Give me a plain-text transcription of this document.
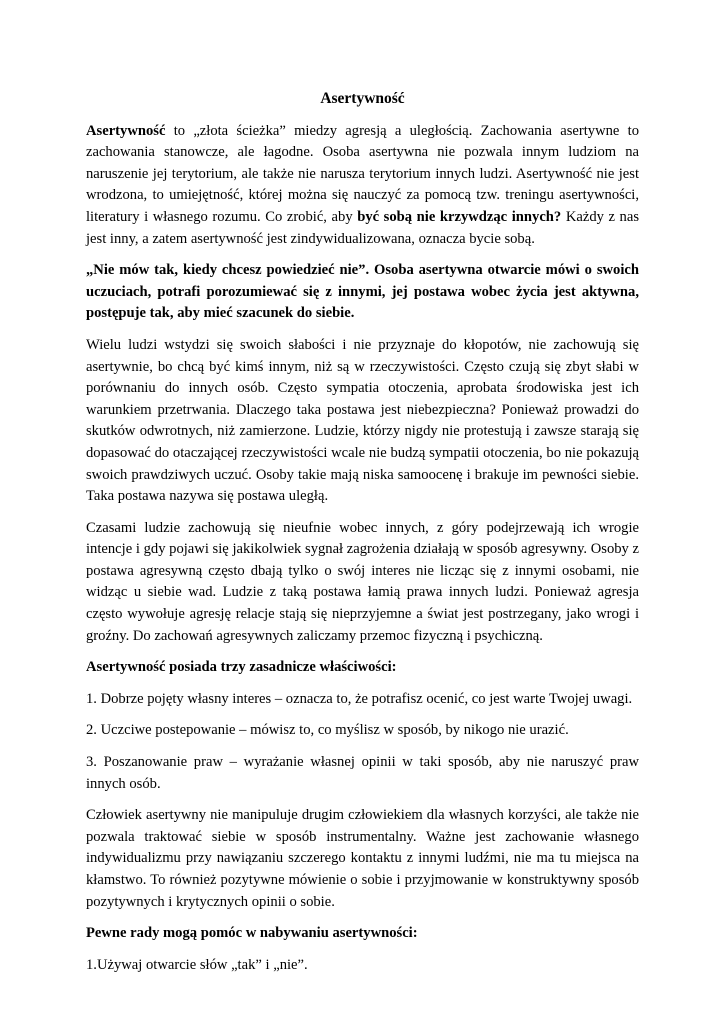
Asertywność

Asertywność to „złota ścieżka” miedzy agresją a uległością. Zachowania asertywne to zachowania stanowcze, ale łagodne. Osoba asertywna nie pozwala innym ludziom na naruszenie jej terytorium, ale także nie narusza terytorium innych ludzi. Asertywność nie jest wrodzona, to umiejętność, której można się nauczyć za pomocą tzw. treningu asertywności, literatury i własnego rozumu. Co zrobić, aby być sobą nie krzywdząc innych? Każdy z nas jest inny, a zatem asertywność jest zindywidualizowana, oznacza bycie sobą.

„Nie mów tak, kiedy chcesz powiedzieć nie”. Osoba asertywna otwarcie mówi o swoich uczuciach, potrafi porozumiewać się z innymi, jej postawa wobec życia jest aktywna, postępuje tak, aby mieć szacunek do siebie.

Wielu ludzi wstydzi się swoich słabości i nie przyznaje do kłopotów, nie zachowują się asertywnie, bo chcą być kimś innym, niż są w rzeczywistości. Często czują się zbyt słabi w porównaniu do innych osób. Często sympatia otoczenia, aprobata środowiska jest ich warunkiem przetrwania. Dlaczego taka postawa jest niebezpieczna? Ponieważ prowadzi do skutków odwrotnych, niż zamierzone. Ludzie, którzy nigdy nie protestują i zawsze starają się dopasować do otaczającej rzeczywistości wcale nie budzą sympatii otoczenia, bo nie pokazują swoich prawdziwych uczuć. Osoby takie mają niska samoocenę i brakuje im pewności siebie. Taka postawa nazywa się postawa uległą.

Czasami ludzie zachowują się nieufnie wobec innych, z góry podejrzewają ich wrogie intencje i gdy pojawi się jakikolwiek sygnał zagrożenia działają w sposób agresywny. Osoby z postawa agresywną często dbają tylko o swój interes nie licząc się z innymi osobami, nie widząc u siebie wad. Ludzie z taką postawa łamią prawa innych ludzi. Ponieważ agresja często wywołuje agresję relacje stają się nieprzyjemne a świat jest postrzegany, jako wrogi i groźny. Do zachowań agresywnych zaliczamy przemoc fizyczną i psychiczną.

Asertywność posiada trzy zasadnicze właściwości:

1. Dobrze pojęty własny interes – oznacza to, że potrafisz ocenić, co jest warte Twojej uwagi.

2. Uczciwe postepowanie – mówisz to, co myślisz w sposób, by nikogo nie urazić.

3. Poszanowanie praw – wyrażanie własnej opinii w taki sposób, aby nie naruszyć praw innych osób.

Człowiek asertywny nie manipuluje drugim człowiekiem dla własnych korzyści, ale także nie pozwala traktować siebie w sposób instrumentalny. Ważne jest zachowanie własnego indywidualizmu przy nawiązaniu szczerego kontaktu z innymi ludźmi, nie ma tu miejsca na kłamstwo. To również pozytywne mówienie o sobie i przyjmowanie w konstruktywny sposób pozytywnych i krytycznych opinii o sobie.

Pewne rady mogą pomóc w nabywaniu asertywności:

1.Używaj otwarcie słów „tak” i „nie”.
